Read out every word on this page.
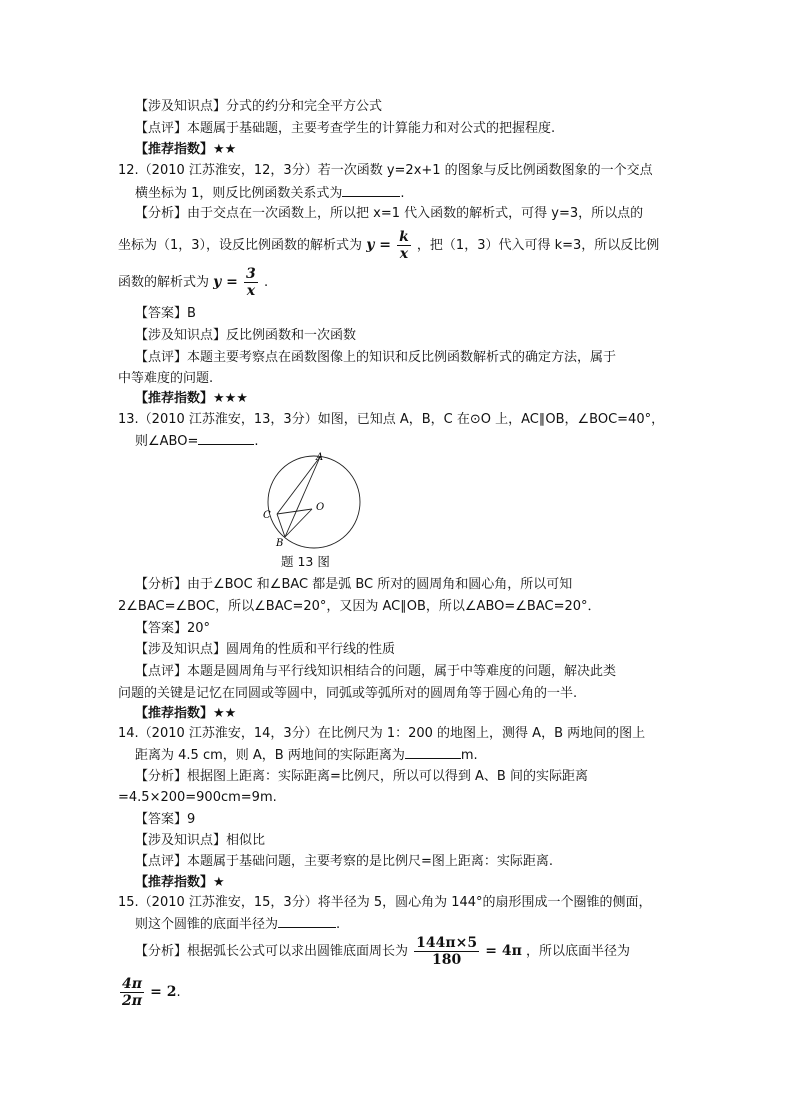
【涉及知识点】分式的约分和完全平方公式
【点评】本题属于基础题，主要考查学生的计算能力和对公式的把握程度.
【推荐指数】★★
12.（2010 江苏淮安，12，3分）若一次函数 y=2x+1 的图象与反比例函数图象的一个交点
横坐标为 1，则反比例函数关系式为	.
【分析】由于交点在一次函数上，所以把 x=1 代入函数的解析式，可得 y=3，所以点的
坐标为（1，3），设反比例函数的解析式为 $y = \frac{k}{x}$ ，把（1，3）代入可得 k=3，所以反比例
函数的解析式为 $y = \frac{3}{x}$ .
【答案】B
【涉及知识点】反比例函数和一次函数
【点评】本题主要考察点在函数图像上的知识和反比例函数解析式的确定方法，属于
中等难度的问题.
【推荐指数】★★★
13.（2010 江苏淮安，13，3分）如图，已知点 A，B，C 在⊙O 上，AC∥OB，∠BOC=40°，
则∠ABO=	.
A
C
O
B
题 13 图
【分析】由于∠BOC 和∠BAC 都是弧 BC 所对的圆周角和圆心角，所以可知
2∠BAC=∠BOC，所以∠BAC=20°，又因为 AC∥OB，所以∠ABO=∠BAC=20°．
【答案】20°
【涉及知识点】圆周角的性质和平行线的性质
【点评】本题是圆周角与平行线知识相结合的问题，属于中等难度的问题，解决此类
问题的关键是记忆在同圆或等圆中，同弧或等弧所对的圆周角等于圆心角的一半.
【推荐指数】★★
14.（2010 江苏淮安，14，3分）在比例尺为 1：200 的地图上，测得 A，B 两地间的图上
距离为 4.5 cm，则 A，B 两地间的实际距离为	m.
【分析】根据图上距离：实际距离=比例尺，所以可以得到 A、B 间的实际距离
=4.5×200=900cm=9m.
【答案】9
【涉及知识点】相似比
【点评】本题属于基础问题，主要考察的是比例尺=图上距离：实际距离.
【推荐指数】★
15.（2010 江苏淮安，15，3分）将半径为 5，圆心角为 144°的扇形围成一个圈锥的侧面，
则这个圆锥的底面半径为	.
【分析】根据弧长公式可以求出圆锥底面周长为 $\frac{144\pi\times 5}{180} = 4\pi$ ，所以底面半径为
$\frac{4\pi}{2\pi} = 2$.
